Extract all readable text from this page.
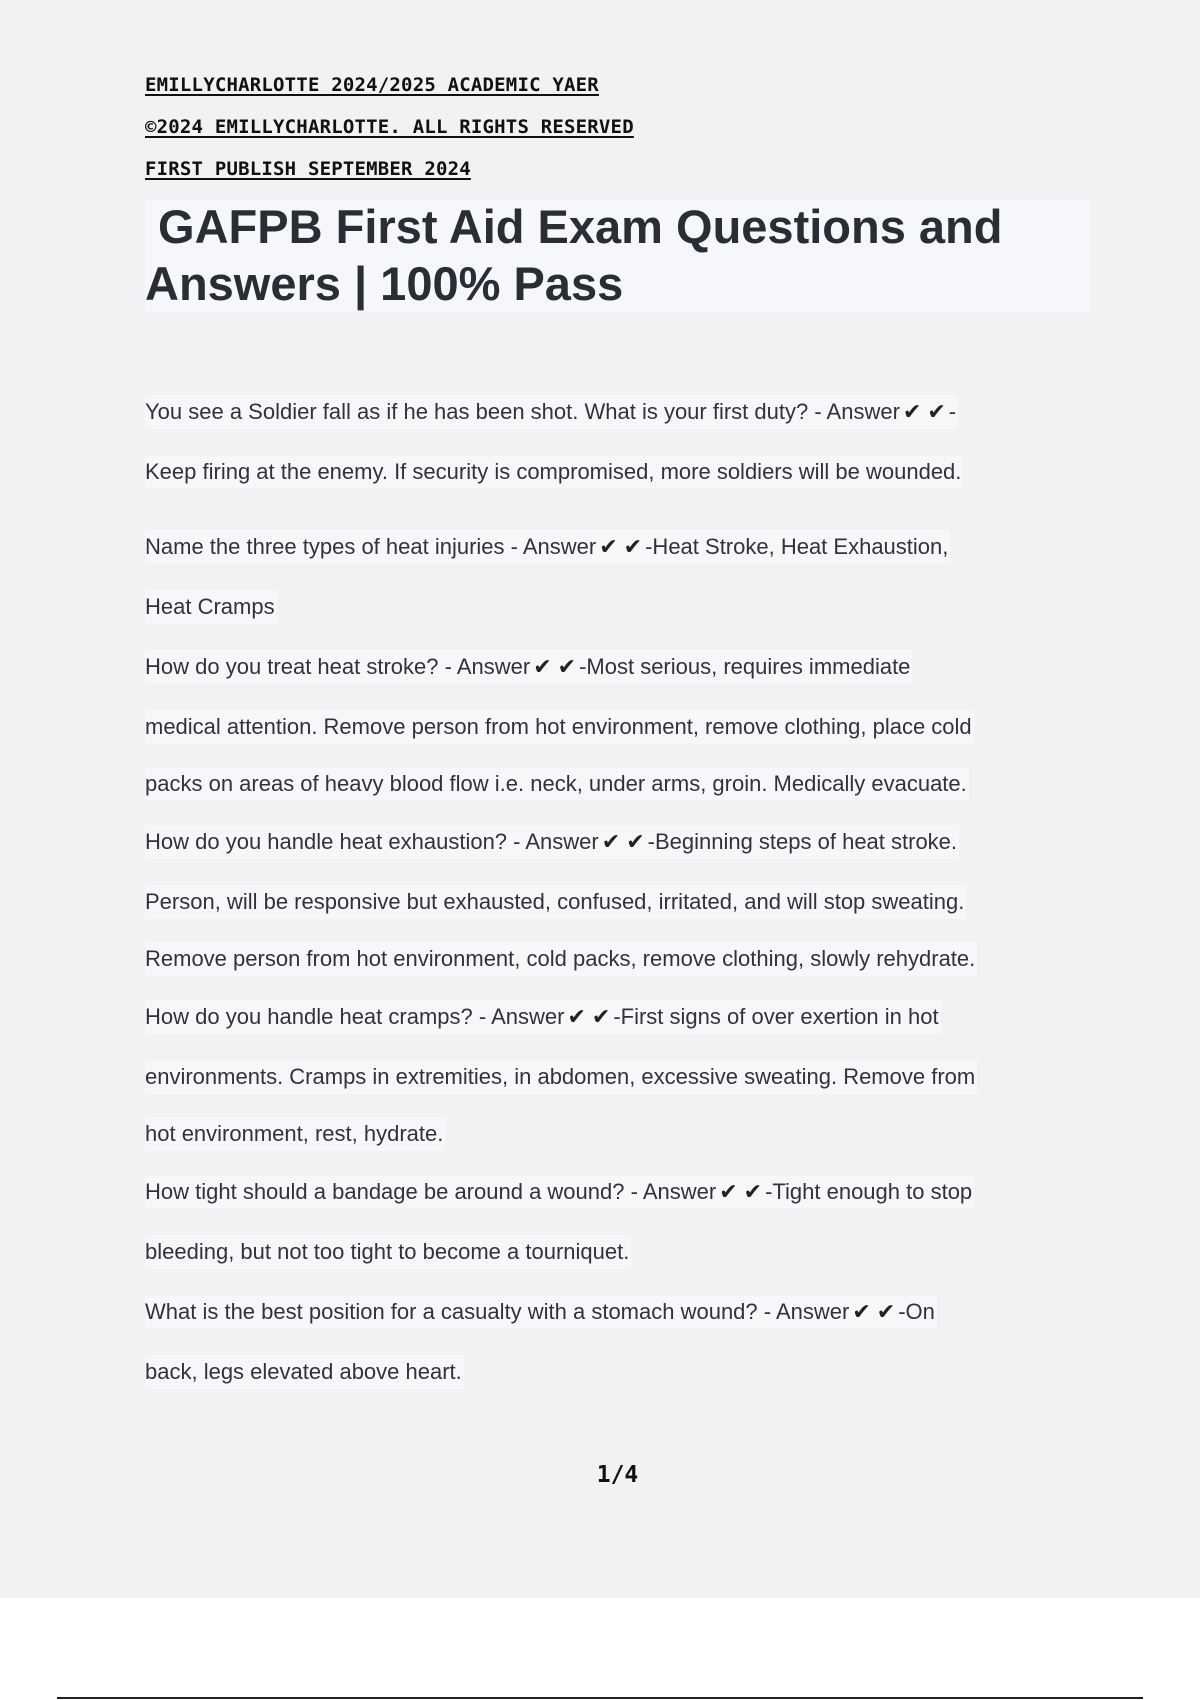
EMILLYCHARLOTTE 2024/2025 ACADEMIC YAER
©2024 EMILLYCHARLOTTE. ALL RIGHTS RESERVED
FIRST PUBLISH SEPTEMBER 2024
GAFPB First Aid Exam Questions and
Answers | 100% Pass
You see a Soldier fall as if he has been shot. What is your first duty? - Answer ✔ ✔ -
Keep firing at the enemy. If security is compromised, more soldiers will be wounded.
Name the three types of heat injuries - Answer ✔ ✔ -Heat Stroke, Heat Exhaustion,
Heat Cramps
How do you treat heat stroke? - Answer ✔ ✔ -Most serious, requires immediate
medical attention. Remove person from hot environment, remove clothing, place cold
packs on areas of heavy blood flow i.e. neck, under arms, groin. Medically evacuate.
How do you handle heat exhaustion? - Answer ✔ ✔ -Beginning steps of heat stroke.
Person, will be responsive but exhausted, confused, irritated, and will stop sweating.
Remove person from hot environment, cold packs, remove clothing, slowly rehydrate.
How do you handle heat cramps? - Answer ✔ ✔ -First signs of over exertion in hot
environments. Cramps in extremities, in abdomen, excessive sweating. Remove from
hot environment, rest, hydrate.
How tight should a bandage be around a wound? - Answer ✔ ✔ -Tight enough to stop
bleeding, but not too tight to become a tourniquet.
What is the best position for a casualty with a stomach wound? - Answer ✔ ✔ -On
back, legs elevated above heart.
1/4
